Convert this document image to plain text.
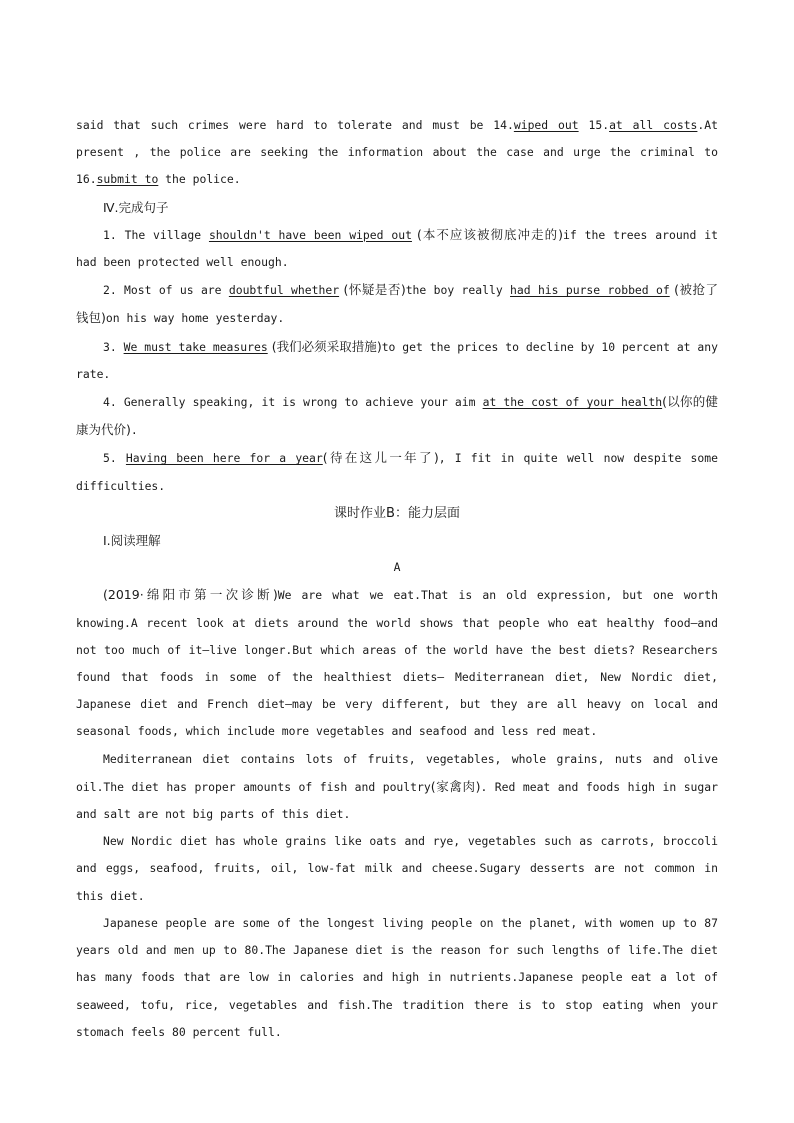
said that such crimes were hard to tolerate and must be 14.wiped out 15.at all costs.At present , the police are seeking the information about the case and urge the criminal to 16.submit to the police.

Ⅳ.完成句子

1. The village shouldn't have been wiped out (本不应该被彻底冲走的)if the trees around it had been protected well enough.

2. Most of us are doubtful whether (怀疑是否)the boy really had his purse robbed of (被抢了钱包)on his way home yesterday.

3. We must take measures (我们必须采取措施)to get the prices to decline by 10 percent at any rate.

4. Generally speaking, it is wrong to achieve your aim at the cost of your health(以你的健康为代价).

5. Having been here for a year(待在这儿一年了), I fit in quite well now despite some difficulties.

课时作业B：能力层面

Ⅰ.阅读理解

A

(2019·绵阳市第一次诊断)We are what we eat.That is an old expression, but one worth knowing.A recent look at diets around the world shows that people who eat healthy food—and not too much of it—live longer.But which areas of the world have the best diets? Researchers found that foods in some of the healthiest diets— Mediterranean diet, New Nordic diet, Japanese diet and French diet—may be very different, but they are all heavy on local and seasonal foods, which include more vegetables and seafood and less red meat.

Mediterranean diet contains lots of fruits, vegetables, whole grains, nuts and olive oil.The diet has proper amounts of fish and poultry(家禽肉). Red meat and foods high in sugar and salt are not big parts of this diet.

New Nordic diet has whole grains like oats and rye, vegetables such as carrots, broccoli and eggs, seafood, fruits, oil, low-fat milk and cheese.Sugary desserts are not common in this diet.

Japanese people are some of the longest living people on the planet, with women up to 87 years old and men up to 80.The Japanese diet is the reason for such lengths of life.The diet has many foods that are low in calories and high in nutrients.Japanese people eat a lot of seaweed, tofu, rice, vegetables and fish.The tradition there is to stop eating when your stomach feels 80 percent full.
